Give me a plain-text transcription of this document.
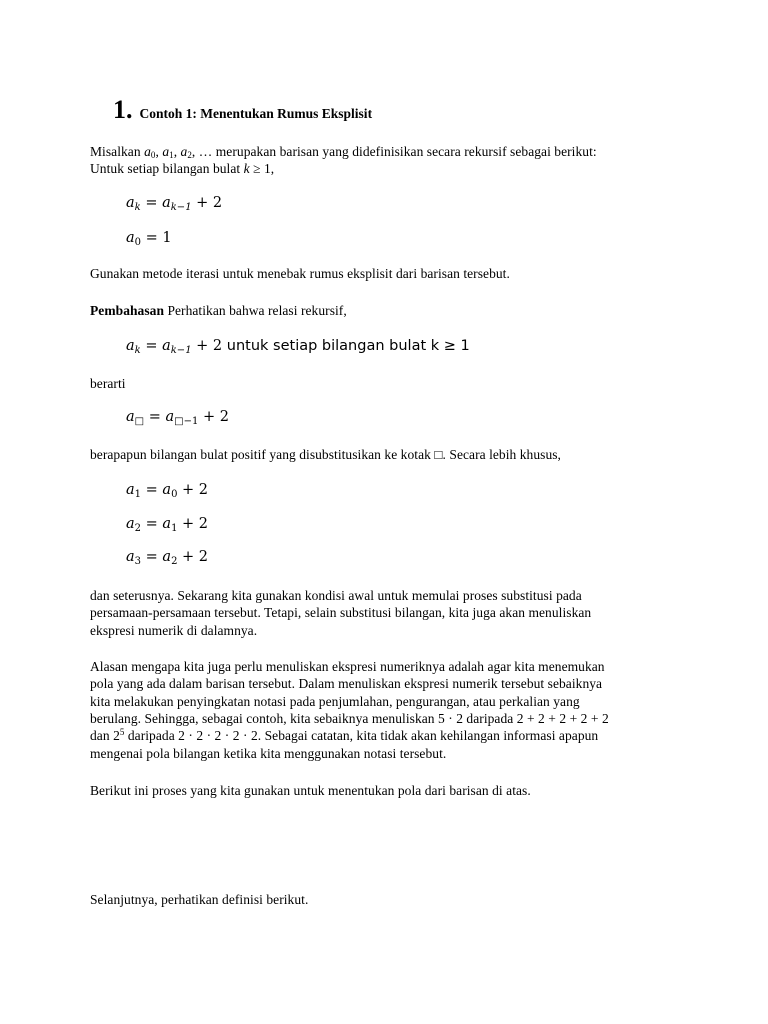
1. Contoh 1: Menentukan Rumus Eksplisit
Misalkan $a_0$, $a_1$, $a_2$, … merupakan barisan yang didefinisikan secara rekursif sebagai berikut:
Untuk setiap bilangan bulat k ≥ 1,
$a_k = a_{k-1} + 2$
$a_0 = 1$
Gunakan metode iterasi untuk menebak rumus eksplisit dari barisan tersebut.
Pembahasan Perhatikan bahwa relasi rekursif,
$a_k = a_{k-1} + 2$ untuk setiap bilangan bulat k ≥ 1
berarti
$a_□ = a_{□-1} + 2$
berapapun bilangan bulat positif yang disubstitusikan ke kotak □. Secara lebih khusus,
$a_1 = a_0 + 2$
$a_2 = a_1 + 2$
$a_3 = a_2 + 2$
dan seterusnya. Sekarang kita gunakan kondisi awal untuk memulai proses substitusi pada
persamaan-persamaan tersebut. Tetapi, selain substitusi bilangan, kita juga akan menuliskan
ekspresi numerik di dalamnya.
Alasan mengapa kita juga perlu menuliskan ekspresi numeriknya adalah agar kita menemukan
pola yang ada dalam barisan tersebut. Dalam menuliskan ekspresi numerik tersebut sebaiknya
kita melakukan penyingkatan notasi pada penjumlahan, pengurangan, atau perkalian yang
berulang. Sehingga, sebagai contoh, kita sebaiknya menuliskan 5 · 2 daripada 2 + 2 + 2 + 2 + 2
dan $2^5$ daripada 2 · 2 · 2 · 2 · 2. Sebagai catatan, kita tidak akan kehilangan informasi apapun
mengenai pola bilangan ketika kita menggunakan notasi tersebut.
Berikut ini proses yang kita gunakan untuk menentukan pola dari barisan di atas.
Selanjutnya, perhatikan definisi berikut.
